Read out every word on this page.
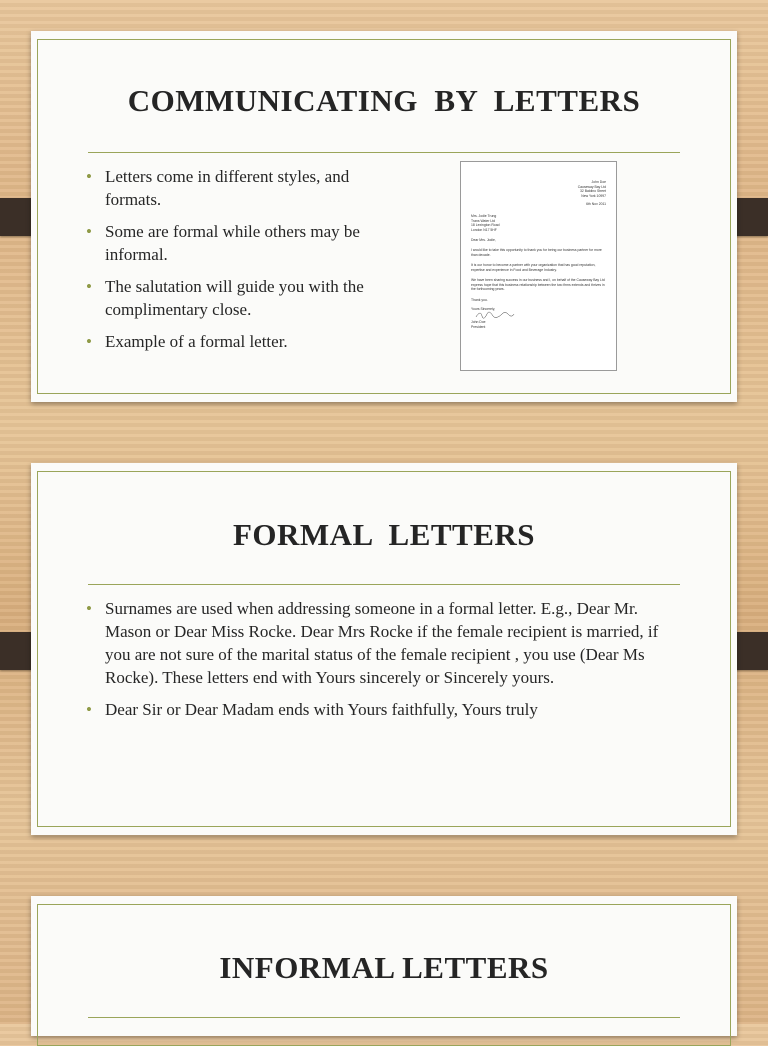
COMMUNICATING  BY  LETTERS
• Letters come in different styles, and formats.
• Some are formal while others may be informal.
• The salutation will guide you with the complimentary close.
• Example of a formal letter.
John Doe
Causeway Bay Ltd
32 Baldino Street
New York 10997
6th Nov 2011
Mrs. Jodie Trung
Trans Water Ltd
18 Lexington Road
London N17 5HF
Dear Mrs. Jodie,
I would like to take this opportunity to thank you for being our business partner for more than decade.
It is our honor to become a partner with your organization that has good reputation, expertise and experience in Food and Beverage Industry.
We have been sharing success in our business and I, on behalf of the Causeway Bay Ltd express hope that this business relationship between the two firms extends and thrives in the forthcoming years.
Thank you.
Yours Sincerely,
John Doe
President
FORMAL  LETTERS
• Surnames are used when addressing someone in a formal letter. E.g., Dear Mr. Mason or Dear Miss Rocke. Dear Mrs Rocke if the female recipient is married, if you are not sure of the marital status of the female recipient , you use (Dear Ms Rocke). These letters end with Yours sincerely or Sincerely yours.
• Dear Sir or Dear Madam ends with Yours faithfully, Yours truly
INFORMAL LETTERS
